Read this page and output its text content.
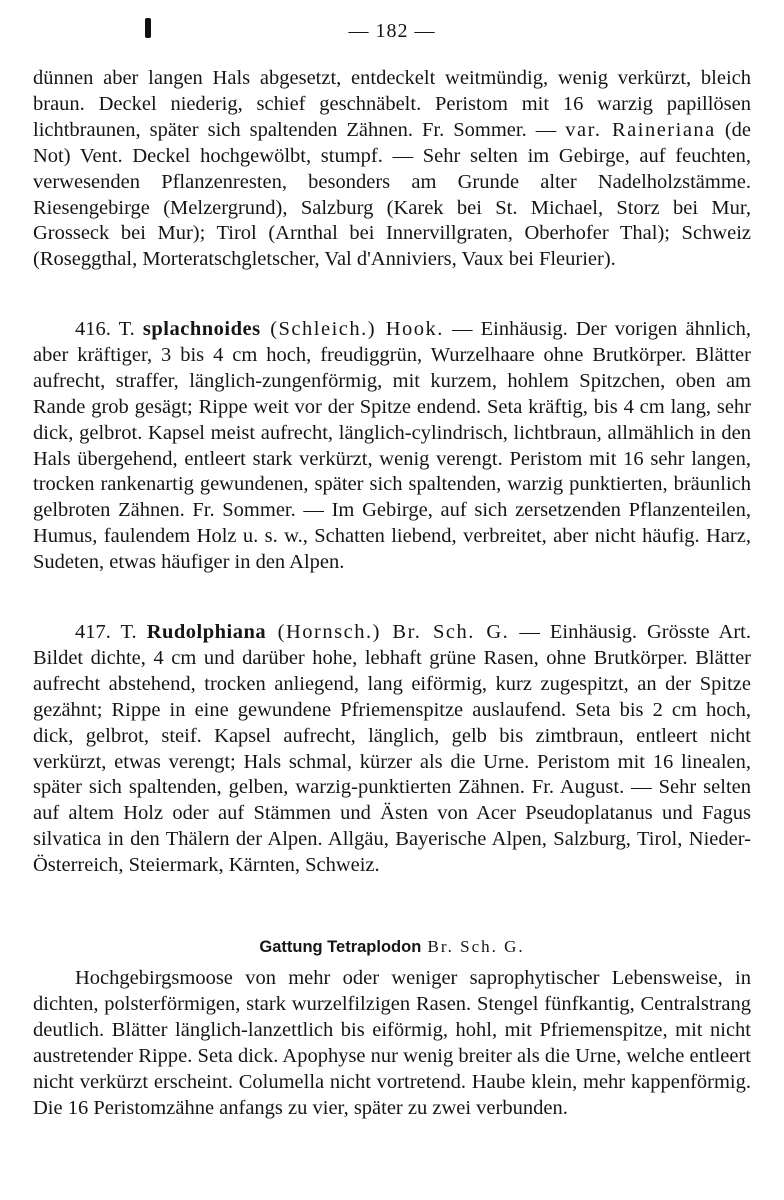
— 182 —

dünnen aber langen Hals abgesetzt, entdeckelt weitmündig, wenig verkürzt, bleich braun. Deckel niederig, schief geschnäbelt. Peristom mit 16 warzig papillösen lichtbraunen, später sich spaltenden Zähnen. Fr. Sommer. — var. Raineriana (de Not) Vent. Deckel hochgewölbt, stumpf. — Sehr selten im Gebirge, auf feuchten, verwesenden Pflanzenresten, besonders am Grunde alter Nadelholzstämme. Riesengebirge (Melzergrund), Salzburg (Karek bei St. Michael, Storz bei Mur, Grosseck bei Mur); Tirol (Arnthal bei Innervillgraten, Oberhofer Thal); Schweiz (Roseggthal, Morteratschgletscher, Val d'Anniviers, Vaux bei Fleurier).

416. T. splachnoides (Schleich.) Hook. — Einhäusig. Der vorigen ähnlich, aber kräftiger, 3 bis 4 cm hoch, freudiggrün, Wurzelhaare ohne Brutkörper. Blätter aufrecht, straffer, länglich-zungenförmig, mit kurzem, hohlem Spitzchen, oben am Rande grob gesägt; Rippe weit vor der Spitze endend. Seta kräftig, bis 4 cm lang, sehr dick, gelbrot. Kapsel meist aufrecht, länglich-cylindrisch, lichtbraun, allmählich in den Hals übergehend, entleert stark verkürzt, wenig verengt. Peristom mit 16 sehr langen, trocken rankenartig gewundenen, später sich spaltenden, warzig punktierten, bräunlich gelbroten Zähnen. Fr. Sommer. — Im Gebirge, auf sich zersetzenden Pflanzenteilen, Humus, faulendem Holz u. s. w., Schatten liebend, verbreitet, aber nicht häufig. Harz, Sudeten, etwas häufiger in den Alpen.

417. T. Rudolphiana (Hornsch.) Br. Sch. G. — Einhäusig. Grösste Art. Bildet dichte, 4 cm und darüber hohe, lebhaft grüne Rasen, ohne Brutkörper. Blätter aufrecht abstehend, trocken anliegend, lang eiförmig, kurz zugespitzt, an der Spitze gezähnt; Rippe in eine gewundene Pfriemenspitze auslaufend. Seta bis 2 cm hoch, dick, gelbrot, steif. Kapsel aufrecht, länglich, gelb bis zimtbraun, entleert nicht verkürzt, etwas verengt; Hals schmal, kürzer als die Urne. Peristom mit 16 linealen, später sich spaltenden, gelben, warzig-punktierten Zähnen. Fr. August. — Sehr selten auf altem Holz oder auf Stämmen und Ästen von Acer Pseudoplatanus und Fagus silvatica in den Thälern der Alpen. Allgäu, Bayerische Alpen, Salzburg, Tirol, Nieder-Österreich, Steiermark, Kärnten, Schweiz.

Gattung Tetraplodon Br. Sch. G.

Hochgebirgsmoose von mehr oder weniger saprophytischer Lebensweise, in dichten, polsterförmigen, stark wurzelfilzigen Rasen. Stengel fünfkantig, Centralstrang deutlich. Blätter länglich-lanzettlich bis eiförmig, hohl, mit Pfriemenspitze, mit nicht austretender Rippe. Seta dick. Apophyse nur wenig breiter als die Urne, welche entleert nicht verkürzt erscheint. Columella nicht vortretend. Haube klein, mehr kappenförmig. Die 16 Peristomzähne anfangs zu vier, später zu zwei verbunden.
